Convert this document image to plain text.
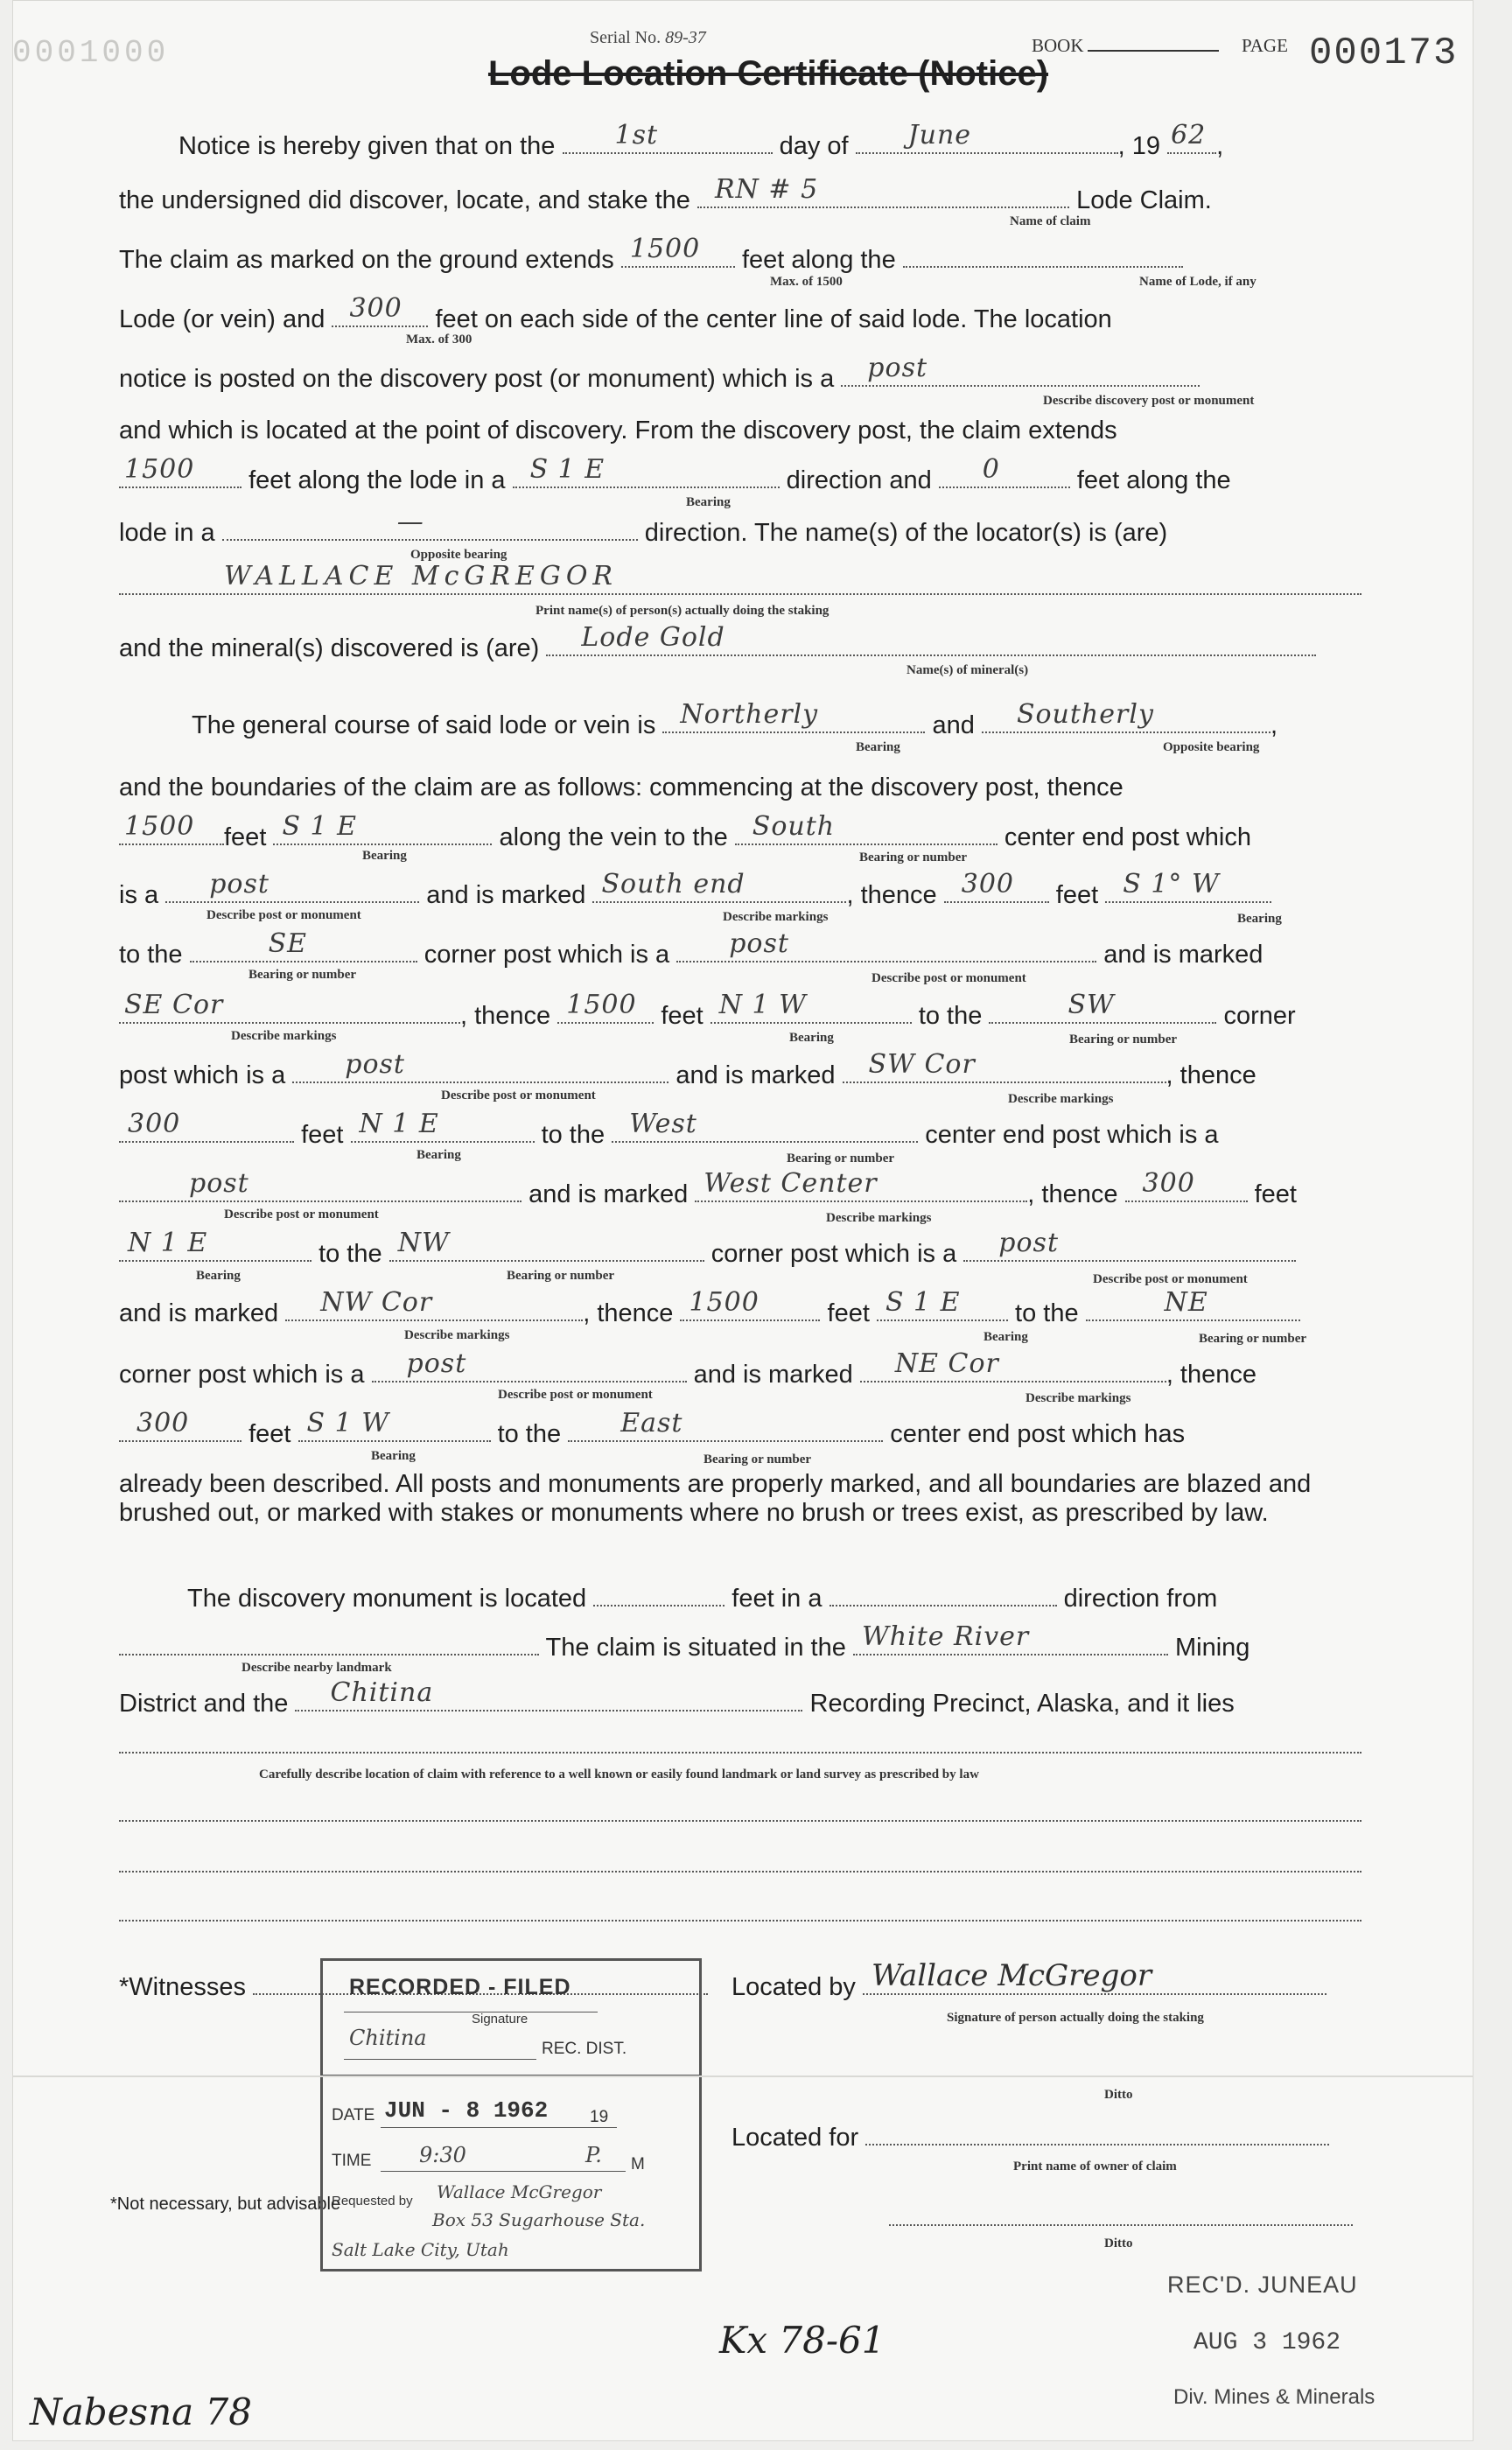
0001000	Serial No. 89-37	BOOK	PAGE 000173
Lode Location Certificate (Notice)
Notice is hereby given that on the 1st	day of June	, 19 62 ,
the undersigned did discover, locate, and stake the RN # 5	Lode Claim.
Name of claim
The claim as marked on the ground extends 1500 feet along the
Max. of 1500	Name of Lode, if any
Lode (or vein) and 300 feet on each side of the center line of said lode. The location
Max. of 300
notice is posted on the discovery post (or monument) which is a post
Describe discovery post or monument
and which is located at the point of discovery. From the discovery post, the claim extends
1500 feet along the lode in a S 1 E	direction and 0	feet along the
Bearing
lode in a	—	direction. The name(s) of the locator(s) is (are)
Opposite bearing
WALLACE McGREGOR
Print name(s) of person(s) actually doing the staking
and the mineral(s) discovered is (are) Lode Gold
Name(s) of mineral(s)
The general course of said lode or vein is Northerly	and Southerly	,
Bearing	Opposite bearing
and the boundaries of the claim are as follows: commencing at the discovery post, thence
1500 feet S 1 E	along the vein to the South	center end post which
Bearing	Bearing or number
is a post	and is marked South end	, thence 300 feet S 1° W
Describe post or monument	Describe markings	Bearing
to the	SE	corner post which is a post	and is marked
Bearing or number	Describe post or monument
SE Cor	, thence 1500 feet N 1 W	to the	SW	corner
Describe markings	Bearing	Bearing or number
post which is a post	and is marked SW Cor	, thence
Describe post or monument	Describe markings
300	feet N 1 E	to the West	center end post which is a
Bearing	Bearing or number
post	and is marked West Center	, thence 300 feet
Describe post or monument	Describe markings
N 1 E	to the NW	corner post which is a post
Bearing	Bearing or number	Describe post or monument
and is marked NW Cor	, thence 1500	feet S 1 E to the	NE
Describe markings	Bearing	Bearing or number
corner post which is a post	and is marked NE Cor	, thence
Describe post or monument	Describe markings
300 feet S 1 W	to the East	center end post which has
Bearing	Bearing or number
already been described. All posts and monuments are properly marked, and all boundaries are blazed and brushed out, or marked with stakes or monuments where no brush or trees exist, as prescribed by law.
The discovery monument is located	feet in a	direction from
The claim is situated in the White River	Mining
Describe nearby landmark
District and the Chitina	Recording Precinct, Alaska, and it lies
Carefully describe location of claim with reference to a well known or easily found landmark or land survey as prescribed by law
*Witnesses	Located by Wallace McGregor
Signature of person actually doing the staking
Ditto
Located for
Print name of owner of claim
Ditto
*Not necessary, but advisable
RECORDED - FILED
Signature
Chitina	REC. DIST.
DATE JUN - 8 1962	19
TIME 9:30	P. M
Requested by Wallace McGregor
Box 53 Sugarhouse Sta.
Salt Lake City, Utah
REC'D. JUNEAU
AUG 3 1962
Div. Mines & Minerals
Kx 78-61
Nabesna 78
